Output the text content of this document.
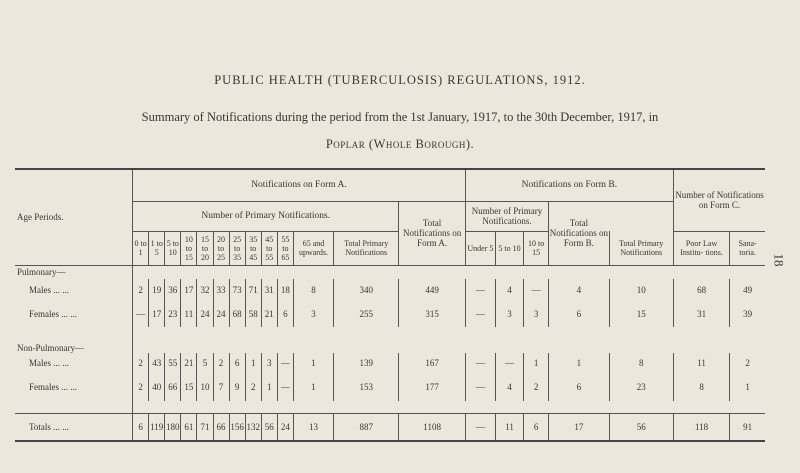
PUBLIC HEALTH (TUBERCULOSIS) REGULATIONS, 1912.
Summary of Notifications during the period from the 1st January, 1917, to the 30th December, 1917, in
Poplar (Whole Borough).
18
Age Periods.	Notifications on Form A.													Notifications on Form B.					Number of Notifications on Form C.	
	Number of Primary Notifications.												Total Notifications on Form A.	Number of Primary Notifications.			Total Notifications on Form B.			
	0 to 1	1 to 5	5 to 10	10 to 15	15 to 20	20 to 25	25 to 35	35 to 45	45 to 55	55 to 65	65 and upwards.	Total Primary Notifications		Under 5	5 to 10	10 to 15		Total Primary Notifications	Poor Law Institu- tions.	Sana- toria.
Pulmonary—																				
Males ... ...	2	19	36	17	32	33	73	71	31	18	8	340	449	—	4	—	4	10	68	49
Females ... ...	—	17	23	11	24	24	68	58	21	6	3	255	315	—	3	3	6	15	31	39
Non-Pulmonary—																				
Males ... ...	2	43	55	21	5	2	6	1	3	—	1	139	167	—	—	1	1	8	11	2
Females ... ...	2	40	66	15	10	7	9	2	1	—	1	153	177	—	4	2	6	23	8	1

Totals ... ...	6	119	180	61	71	66	156	132	56	24	13	887	1108	—	11	6	17	56	118	91
